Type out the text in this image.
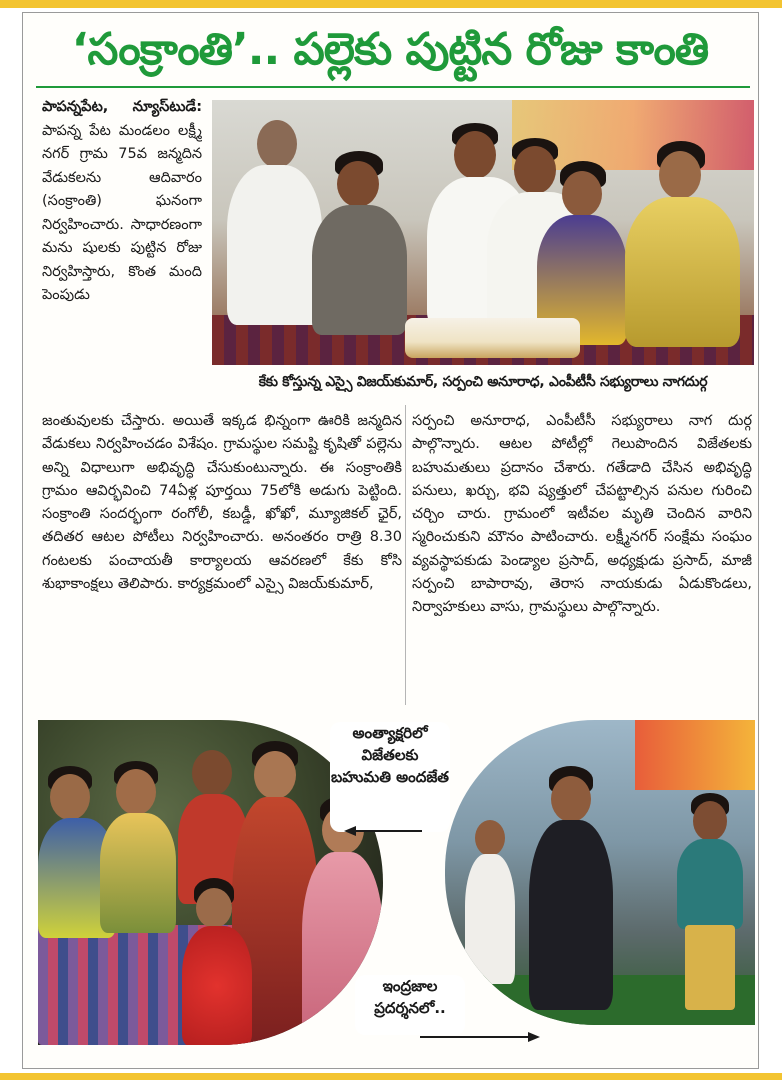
‘సంక్రాంతి’.. పల్లెకు పుట్టిన రోజు కాంతి

పాపన్నపేట, న్యూస్‌టుడే: పాపన్న పేట మండలం లక్ష్మీ నగర్ గ్రామ 75వ జన్మదిన వేడుకలను ఆదివారం (సంక్రాంతి) ఘనంగా నిర్వహించారు. సాధారణంగా మను షులకు పుట్టిన రోజు నిర్వహిస్తారు, కొంత మంది పెంపుడు

కేకు కోస్తున్న ఎస్సై విజయ్‌కుమార్, సర్పంచి అనూరాధ, ఎంపీటీసీ సభ్యురాలు నాగదుర్గ

జంతువులకు చేస్తారు. అయితే ఇక్కడ భిన్నంగా ఊరికి జన్మదిన వేడుకలు నిర్వహించడం విశేషం. గ్రామస్థుల సమష్టి కృషితో పల్లెను అన్ని విధాలుగా అభివృద్ధి చేసుకుంటున్నారు. ఈ సంక్రాంతికి గ్రామం ఆవిర్భవించి 74ఏళ్ల పూర్తయి 75లోకి అడుగు పెట్టింది. సంక్రాంతి సందర్భంగా రంగోలీ, కబడ్డీ, ఖోఖో, మ్యూజికల్ ఛైర్, తదితర ఆటల పోటీలు నిర్వహించారు. అనంతరం రాత్రి 8.30 గంటలకు పంచాయతీ కార్యాలయ ఆవరణలో కేకు కోసి శుభాకాంక్షలు తెలిపారు. కార్యక్రమంలో ఎస్సై విజయ్‌కుమార్,

సర్పంచి అనూరాధ, ఎంపీటీసీ సభ్యురాలు నాగ దుర్గ పాల్గొన్నారు. ఆటల పోటీల్లో గెలుపొందిన విజేతలకు బహుమతులు ప్రదానం చేశారు. గతేడాది చేసిన అభివృద్ధి పనులు, ఖర్చు, భవి ష్యత్తులో చేపట్టాల్సిన పనుల గురించి చర్చిం చారు. గ్రామంలో ఇటీవల మృతి చెందిన వారిని స్మరించుకుని మౌనం పాటించారు. లక్ష్మీనగర్ సంక్షేమ సంఘం వ్యవస్థాపకుడు పెండ్యాల ప్రసాద్, అధ్యక్షుడు ప్రసాద్, మాజీ సర్పంచి బాపారావు, తెరాస నాయకుడు ఏడుకొండలు, నిర్వాహకులు వాసు, గ్రామస్థులు పాల్గొన్నారు.

అంత్యాక్షరిలో విజేతలకు బహుమతి అందజేత

ఇంద్రజాల ప్రదర్శనలో..
